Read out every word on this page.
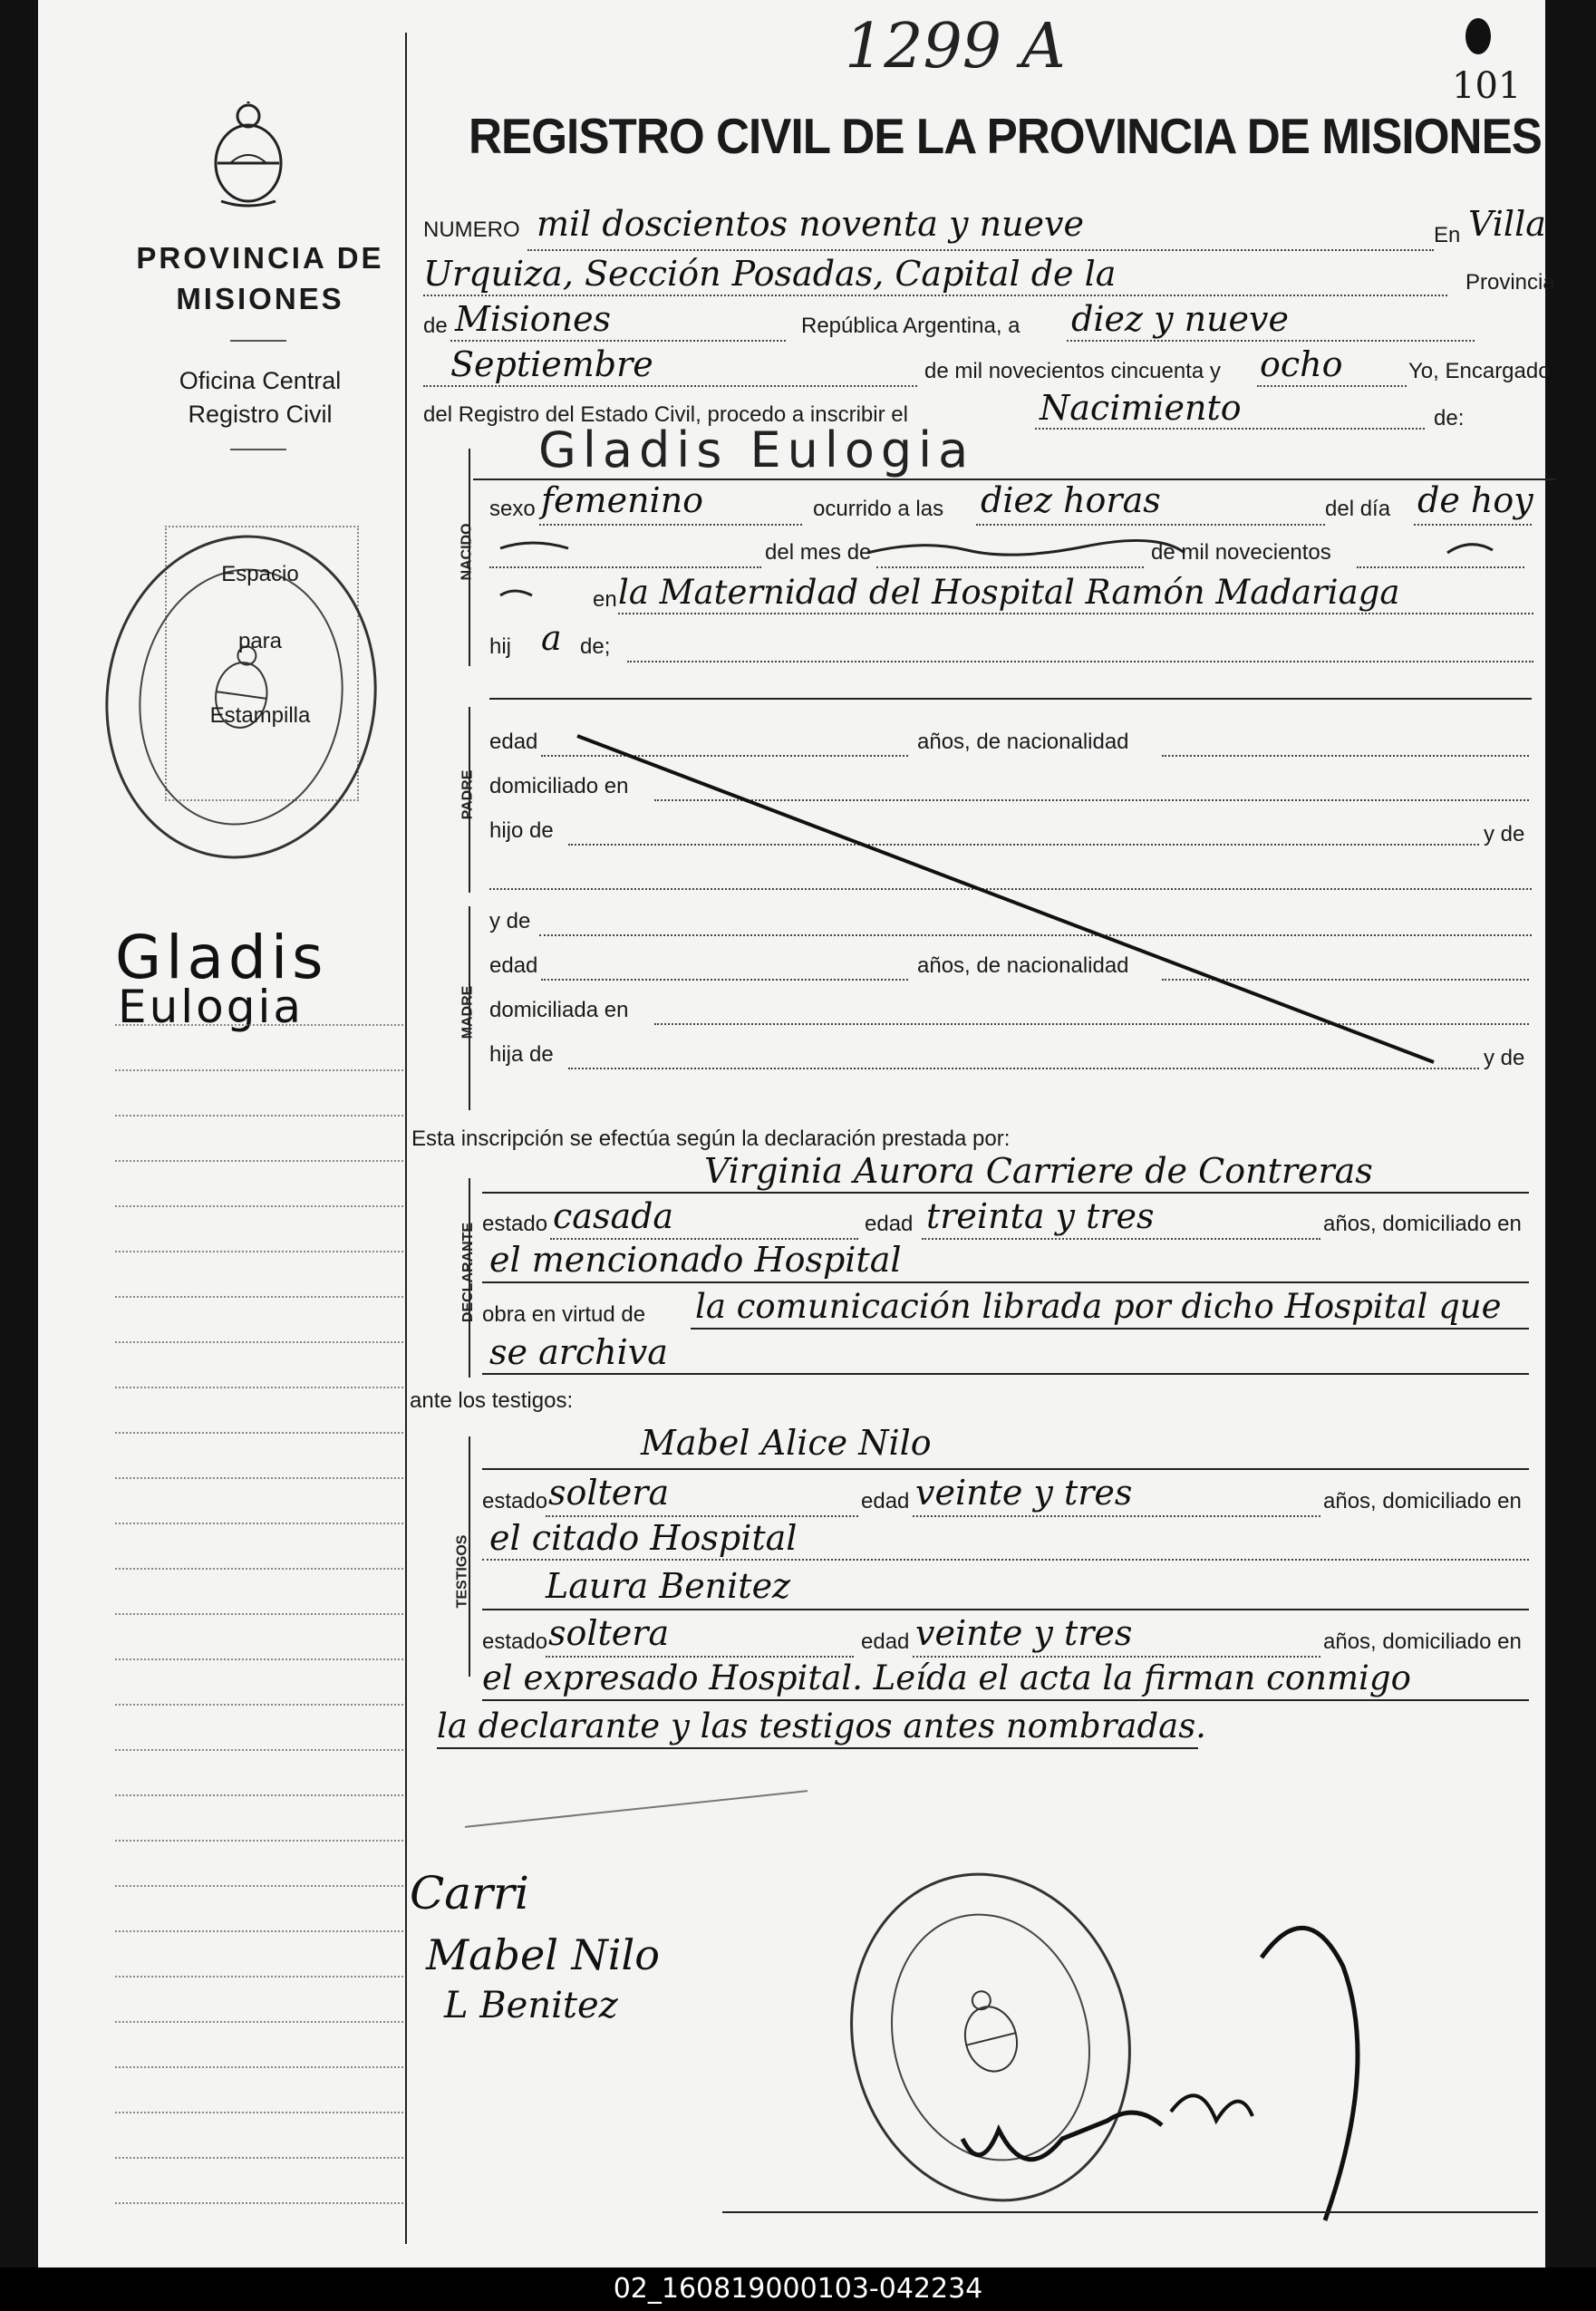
1299 A
101
REGISTRO CIVIL DE LA PROVINCIA DE MISIONES
PROVINCIA DE
MISIONES
Oficina Central
Registro Civil
Espacio
para
Estampilla
Gladis
Eulogia
NUMERO mil doscientos noventa y nueve	En Villa
Urquiza, Sección Posadas, Capital de la	Provincia
de Misiones	República Argentina, a diez y nueve
Septiembre	de mil novecientos cincuenta y ocho	Yo, Encargado
del Registro del Estado Civil, procedo a inscribir el	Nacimiento	de:
Gladis Eulogia
NACIDO
sexo femenino	ocurrido a las diez horas	del día de hoy
del mes de	de mil novecientos
en la Maternidad del Hospital Ramón Madariaga
hij a de;
PADRE
edad	años, de nacionalidad
domiciliado en
hijo de	y de
MADRE
y de
edad	años, de nacionalidad
domiciliada en
hija de	y de
Esta inscripción se efectúa según la declaración prestada por:
Virginia Aurora Carriere de Contreras
DECLARANTE estado casada	edad treinta y tres	años, domiciliado en
el mencionado Hospital
obra en virtud de la comunicación librada por dicho Hospital que
se archiva
ante los testigos:
Mabel Alice Nilo
TESTIGOS
estado soltera	edad veinte y tres	años, domiciliado en
el citado Hospital
Laura Benitez
estado soltera	edad veinte y tres	años, domiciliado en
el expresado Hospital. Leída el acta la firman conmigo
la declarante y las testigos antes nombradas.
Carri
Mabel Nilo
L Benitez
02_160819000103-042234
